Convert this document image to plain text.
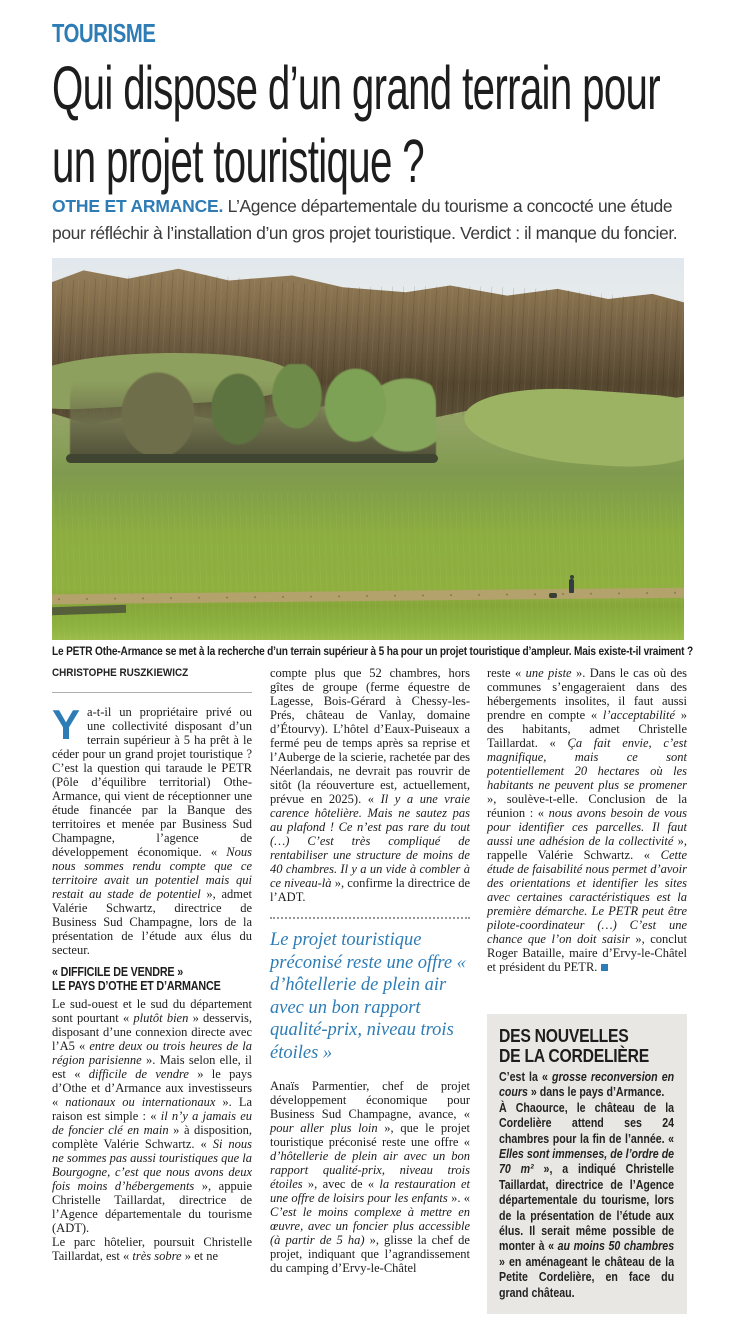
TOURISME
Qui dispose d’un grand terrain pour un projet touristique ?
OTHE ET ARMANCE. L’Agence départementale du tourisme a concocté une étude pour réfléchir à l’installation d’un gros projet touristique. Verdict : il manque du foncier.
Le PETR Othe-Armance se met à la recherche d’un terrain supérieur à 5 ha pour un projet touristique d’ampleur. Mais existe-t-il vraiment ?
CHRISTOPHE RUSZKIEWICZ

Ya-t-il un propriétaire privé ou une collectivité disposant d’un terrain supérieur à 5 ha prêt à le céder pour un grand projet touristique ? C’est la question qui taraude le PETR (Pôle d’équilibre territorial) Othe-Armance, qui vient de réceptionner une étude financée par la Banque des territoires et menée par Business Sud Champagne, l’agence de développement économique. « Nous nous sommes rendu compte que ce territoire avait un potentiel mais qui restait au stade de potentiel », admet Valérie Schwartz, directrice de Business Sud Champagne, lors de la présentation de l’étude aux élus du secteur.

« DIFFICILE DE VENDRE »
LE PAYS D’OTHE ET D’ARMANCE

Le sud-ouest et le sud du département sont pourtant « plutôt bien » desservis, disposant d’une connexion directe avec l’A5 « entre deux ou trois heures de la région parisienne ». Mais selon elle, il est « difficile de vendre » le pays d’Othe et d’Armance aux investisseurs « nationaux ou internationaux ». La raison est simple : « il n’y a jamais eu de foncier clé en main » à disposition, complète Valérie Schwartz. « Si nous ne sommes pas aussi touristiques que la Bourgogne, c’est que nous avons deux fois moins d’hébergements », appuie Christelle Taillardat, directrice de l’Agence départementale du tourisme (ADT).

Le parc hôtelier, poursuit Christelle Taillardat, est « très sobre » et ne

compte plus que 52 chambres, hors gîtes de groupe (ferme équestre de Lagesse, Bois-Gérard à Chessy-les-Prés, château de Vanlay, domaine d’Étourvy). L’hôtel d’Eaux-Puiseaux a fermé peu de temps après sa reprise et l’Auberge de la scierie, rachetée par des Néerlandais, ne devrait pas rouvrir de sitôt (la réouverture est, actuellement, prévue en 2025). « Il y a une vraie carence hôtelière. Mais ne sautez pas au plafond ! Ce n’est pas rare du tout (…) C’est très compliqué de rentabiliser une structure de moins de 40 chambres. Il y a un vide à combler à ce niveau-là », confirme la directrice de l’ADT.

Le projet touristique préconisé reste une offre « d’hôtellerie de plein air avec un bon rapport qualité-prix, niveau trois étoiles »

Anaïs Parmentier, chef de projet développement économique pour Business Sud Champagne, avance, « pour aller plus loin », que le projet touristique préconisé reste une offre « d’hôtellerie de plein air avec un bon rapport qualité-prix, niveau trois étoiles », avec de « la restauration et une offre de loisirs pour les enfants ». « C’est le moins complexe à mettre en œuvre, avec un foncier plus accessible (à partir de 5 ha) », glisse la chef de projet, indiquant que l’agrandissement du camping d’Ervy-le-Châtel

reste « une piste ». Dans le cas où des communes s’engageraient dans des hébergements insolites, il faut aussi prendre en compte « l’acceptabilité » des habitants, admet Christelle Taillardat. « Ça fait envie, c’est magnifique, mais ce sont potentiellement 20 hectares où les habitants ne peuvent plus se promener », soulève-t-elle. Conclusion de la réunion : « nous avons besoin de vous pour identifier ces parcelles. Il faut aussi une adhésion de la collectivité », rappelle Valérie Schwartz. « Cette étude de faisabilité nous permet d’avoir des orientations et identifier les sites avec certaines caractéristiques est la première démarche. Le PETR peut être pilote-coordinateur (…) C’est une chance que l’on doit saisir », conclut Roger Bataille, maire d’Ervy-le-Châtel et président du PETR.

DES NOUVELLES
DE LA CORDELIÈRE

C’est la « grosse reconversion en cours » dans le pays d’Armance.

À Chaource, le château de la Cordelière attend ses 24 chambres pour la fin de l’année. « Elles sont immenses, de l’ordre de 70 m² », a indiqué Christelle Taillardat, directrice de l’Agence départementale du tourisme, lors de la présentation de l’étude aux élus. Il serait même possible de monter à « au moins 50 chambres » en aménageant le château de la Petite Cordelière, en face du grand château.
